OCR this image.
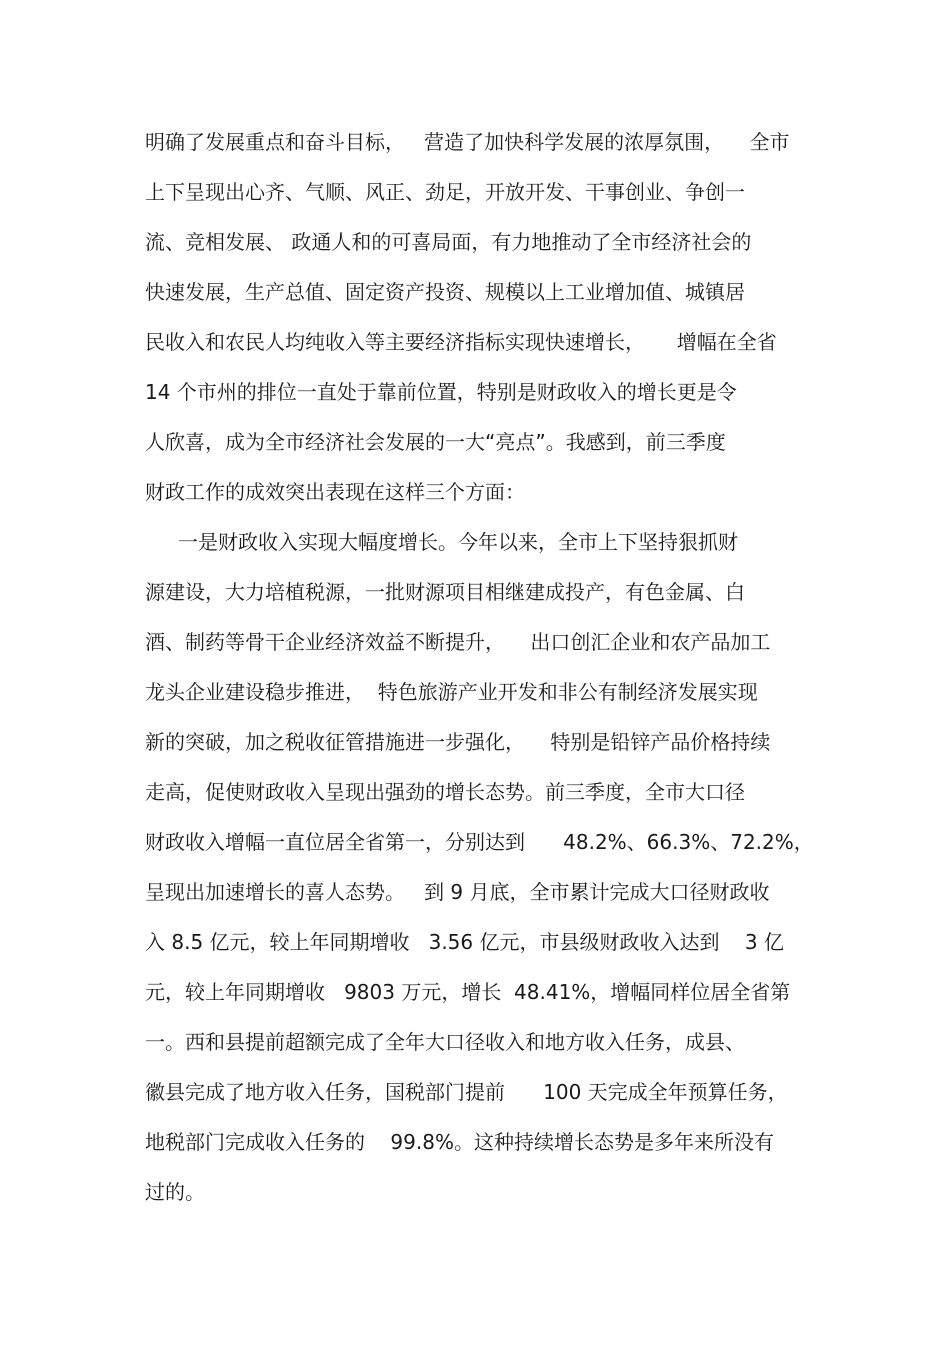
明确了发展重点和奋斗目标，   营造了加快科学发展的浓厚氛围，    全市
上下呈现出心齐、气顺、风正、劲足，开放开发、干事创业、争创一
流、竞相发展、 政通人和的可喜局面，有力地推动了全市经济社会的
快速发展，生产总值、固定资产投资、规模以上工业增加值、城镇居
民收入和农民人均纯收入等主要经济指标实现快速增长，     增幅在全省
14 个市州的排位一直处于靠前位置，特别是财政收入的增长更是令
人欣喜，成为全市经济社会发展的一大“亮点”。我感到，前三季度
财政工作的成效突出表现在这样三个方面：
一是财政收入实现大幅度增长。今年以来，全市上下坚持狠抓财
源建设，大力培植税源，一批财源项目相继建成投产，有色金属、白
酒、制药等骨干企业经济效益不断提升，    出口创汇企业和农产品加工
龙头企业建设稳步推进，  特色旅游产业开发和非公有制经济发展实现
新的突破，加之税收征管措施进一步强化，    特别是铅锌产品价格持续
走高，促使财政收入呈现出强劲的增长态势。前三季度，全市大口径
财政收入增幅一直位居全省第一，分别达到      48.2%、66.3%、72.2%，
呈现出加速增长的喜人态势。   到 9 月底，全市累计完成大口径财政收
入 8.5 亿元，较上年同期增收   3.56 亿元，市县级财政收入达到    3 亿
元，较上年同期增收   9803 万元，增长  48.41%，增幅同样位居全省第
一。西和县提前超额完成了全年大口径收入和地方收入任务，成县、
徽县完成了地方收入任务，国税部门提前      100 天完成全年预算任务，
地税部门完成收入任务的    99.8%。这种持续增长态势是多年来所没有
过的。
